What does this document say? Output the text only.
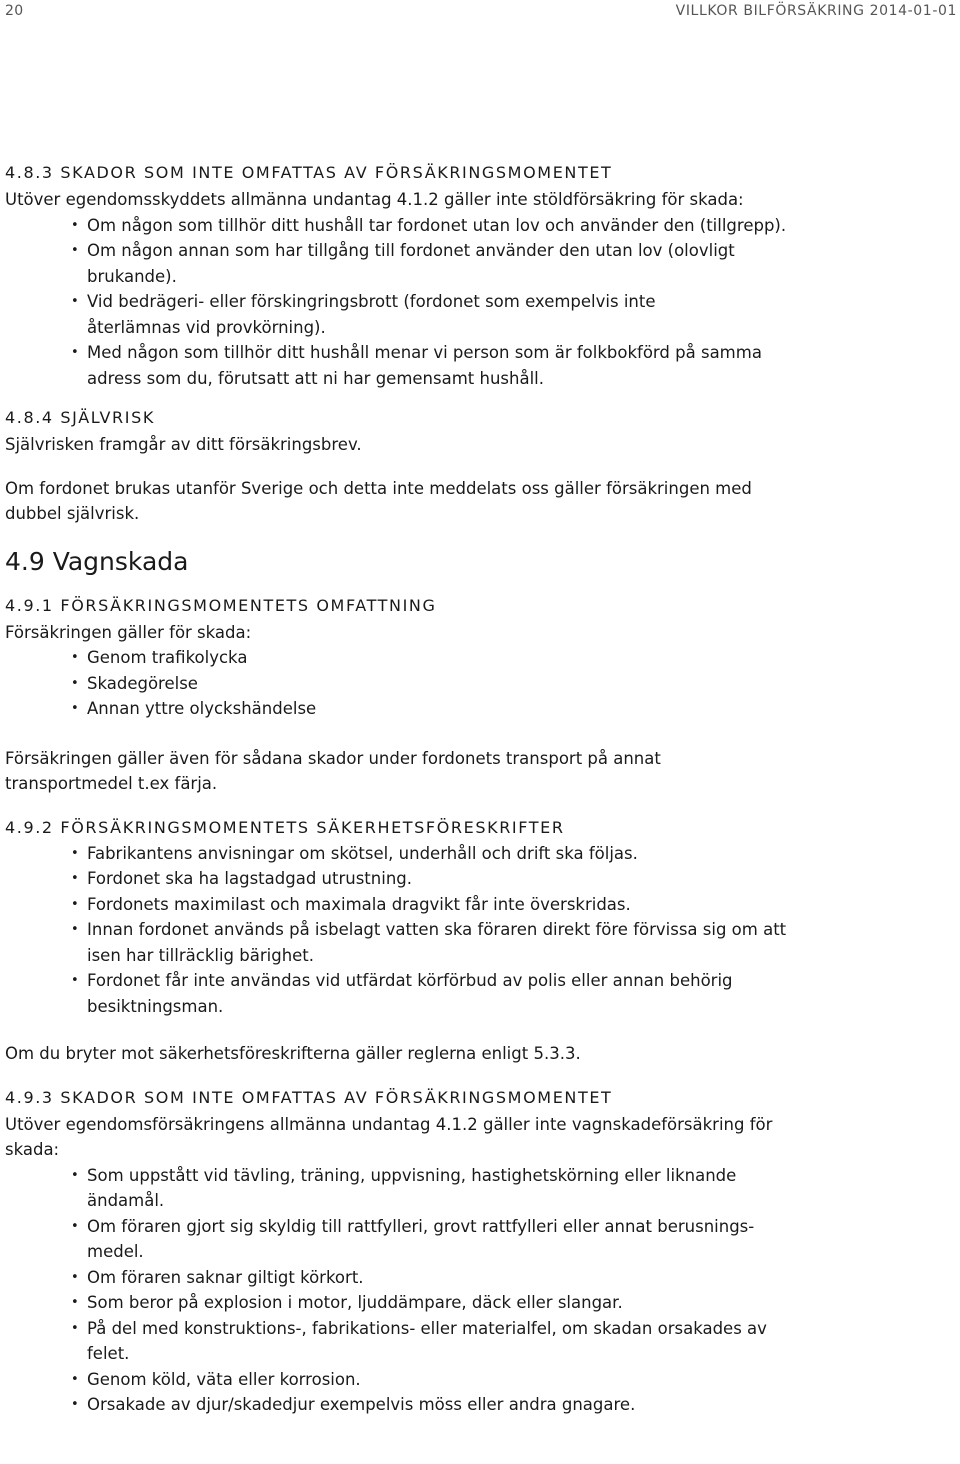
20	VILLKOR BILFÖRSÄKRING 2014-01-01
4.8.3 SKADOR SOM INTE OMFATTAS AV FÖRSÄKRINGSMOMENTET

Utöver egendomsskyddets allmänna undantag 4.1.2 gäller inte stöldförsäkring för skada:

• Om någon som tillhör ditt hushåll tar fordonet utan lov och använder den (tillgrepp).
• Om någon annan som har tillgång till fordonet använder den utan lov (olovligt brukande).
• Vid bedrägeri- eller förskingringsbrott (fordonet som exempelvis inte återlämnas vid provkörning).
• Med någon som tillhör ditt hushåll menar vi person som är folkbokförd på samma adress som du, förutsatt att ni har gemensamt hushåll.
4.8.4 SJÄLVRISK

Självrisken framgår av ditt försäkringsbrev.

Om fordonet brukas utanför Sverige och detta inte meddelats oss gäller försäkringen med dubbel självrisk.

4.9 Vagnskada
4.9.1 FÖRSÄKRINGSMOMENTETS OMFATTNING

Försäkringen gäller för skada:

• Genom trafikolycka
• Skadegörelse
• Annan yttre olyckshändelse

Försäkringen gäller även för sådana skador under fordonets transport på annat transportmedel t.ex färja.

4.9.2 FÖRSÄKRINGSMOMENTETS SÄKERHETSFÖRESKRIFTER
• Fabrikantens anvisningar om skötsel, underhåll och drift ska följas.
• Fordonet ska ha lagstadgad utrustning.
• Fordonets maximilast och maximala dragvikt får inte överskridas.
• Innan fordonet används på isbelagt vatten ska föraren direkt före förvissa sig om att isen har tillräcklig bärighet.
• Fordonet får inte användas vid utfärdat körförbud av polis eller annan behörig besiktningsman.

Om du bryter mot säkerhetsföreskrifterna gäller reglerna enligt 5.3.3.

4.9.3 SKADOR SOM INTE OMFATTAS AV FÖRSÄKRINGSMOMENTET

Utöver egendomsförsäkringens allmänna undantag 4.1.2 gäller inte vagnskadeförsäkring för skada:

• Som uppstått vid tävling, träning, uppvisning, hastighetskörning eller liknande ändamål.
• Om föraren gjort sig skyldig till rattfylleri, grovt rattfylleri eller annat berusnings-medel.
• Om föraren saknar giltigt körkort.
• Som beror på explosion i motor, ljuddämpare, däck eller slangar.
• På del med konstruktions-, fabrikations- eller materialfel, om skadan orsakades av felet.
• Genom köld, väta eller korrosion.
• Orsakade av djur/skadedjur exempelvis möss eller andra gnagare.
